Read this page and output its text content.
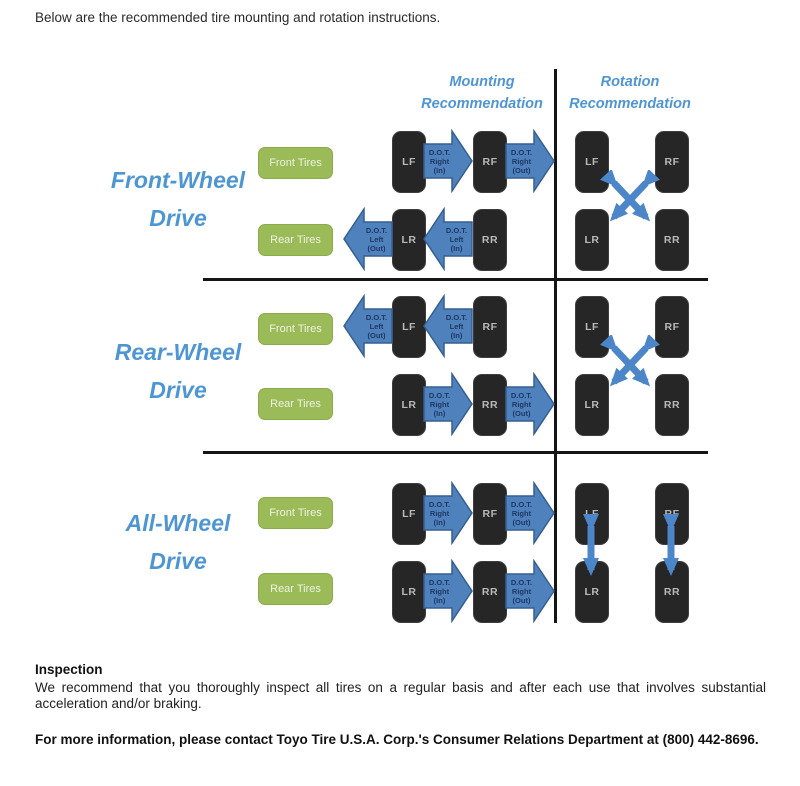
Below are the recommended tire mounting and rotation instructions.
Mounting
Recommendation
Rotation
Recommendation
Front-Wheel
Drive
Front Tires
Rear Tires
LF	RF
LR	RR
D.O.T.
Right
(In)
D.O.T.
Right
(Out)
D.O.T.
Left
(Out)
D.O.T.
Left
(In)
LF	RF
LR	RR
Rear-Wheel
Drive
Front Tires
Rear Tires
LF	RF
LR	RR
D.O.T.
Left
(Out)
D.O.T.
Left
(In)
D.O.T.
Right
(In)
D.O.T.
Right
(Out)
LF	RF
LR	RR
All-Wheel
Drive
Front Tires
Rear Tires
LF	RF
LR	RR
D.O.T.
Right
(In)
D.O.T.
Right
(Out)
D.O.T.
Right
(In)
D.O.T.
Right
(Out)
LF	RF
LR	RR
Inspection
We recommend that you thoroughly inspect all tires on a regular basis and after each use that involves substantial acceleration and/or braking.
For more information, please contact Toyo Tire U.S.A. Corp.'s Consumer Relations Department at (800) 442-8696.
